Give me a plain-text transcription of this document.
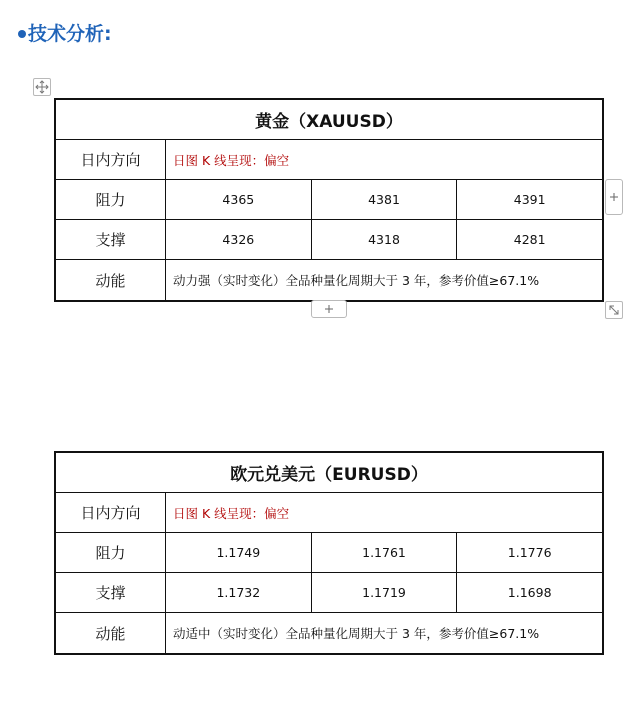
技术分析:
黄金（XAUUSD）
日内方向	日图 K 线呈现：偏空
阻力	4365	4381	4391
支撑	4326	4318	4281
动能	动力强（实时变化）全品种量化周期大于 3 年，参考价值≥67.1%
欧元兑美元（EURUSD）
日内方向	日图 K 线呈现：偏空
阻力	1.1749	1.1761	1.1776
支撑	1.1732	1.1719	1.1698
动能	动适中（实时变化）全品种量化周期大于 3 年，参考价值≥67.1%
